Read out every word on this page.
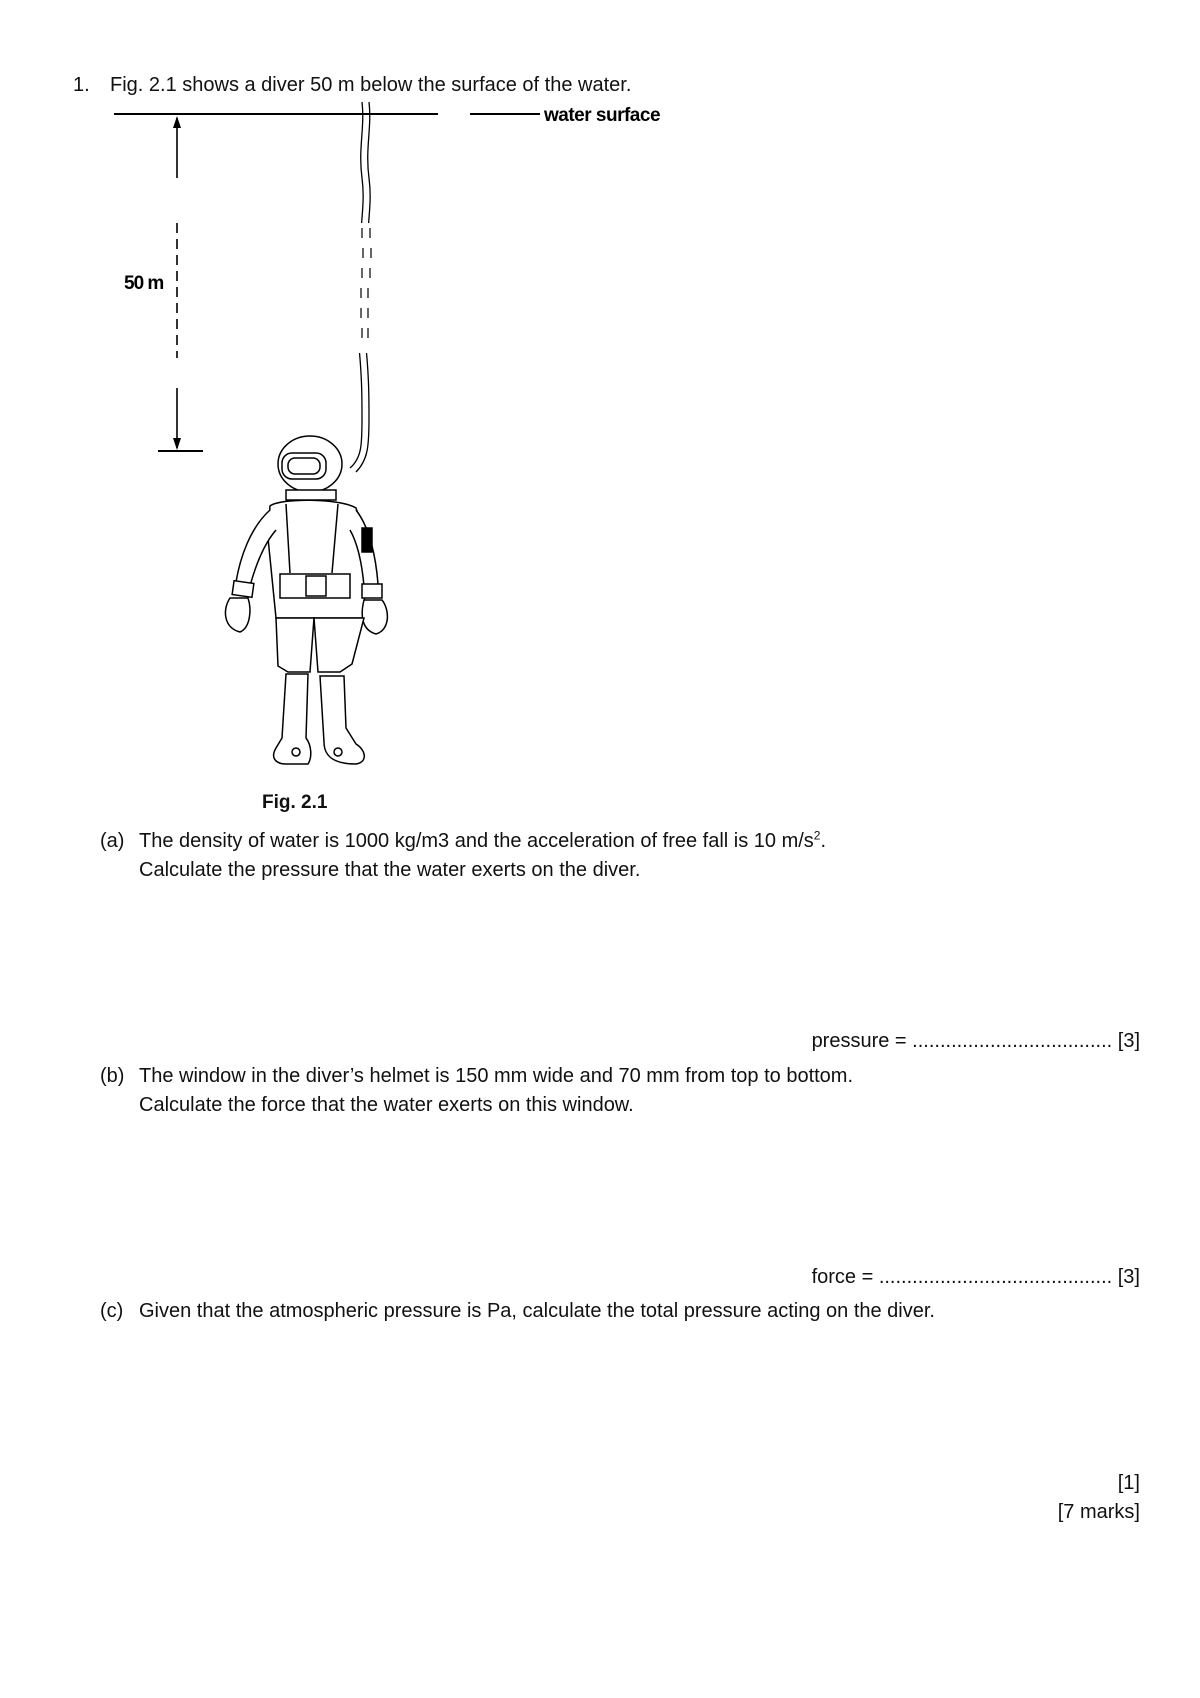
1. Fig. 2.1 shows a diver 50 m below the surface of the water.
water surface
50 m
Fig. 2.1
(a) The density of water is 1000 kg/m3 and the acceleration of free fall is 10 $m/s^2$.
Calculate the pressure that the water exerts on the diver.
pressure = .................................... [3]
(b) The window in the diver’s helmet is 150 mm wide and 70 mm from top to bottom.
Calculate the force that the water exerts on this window.
force = .......................................... [3]
(c) Given that the atmospheric pressure is Pa, calculate the total pressure acting on the diver.
[1]
[7 marks]
